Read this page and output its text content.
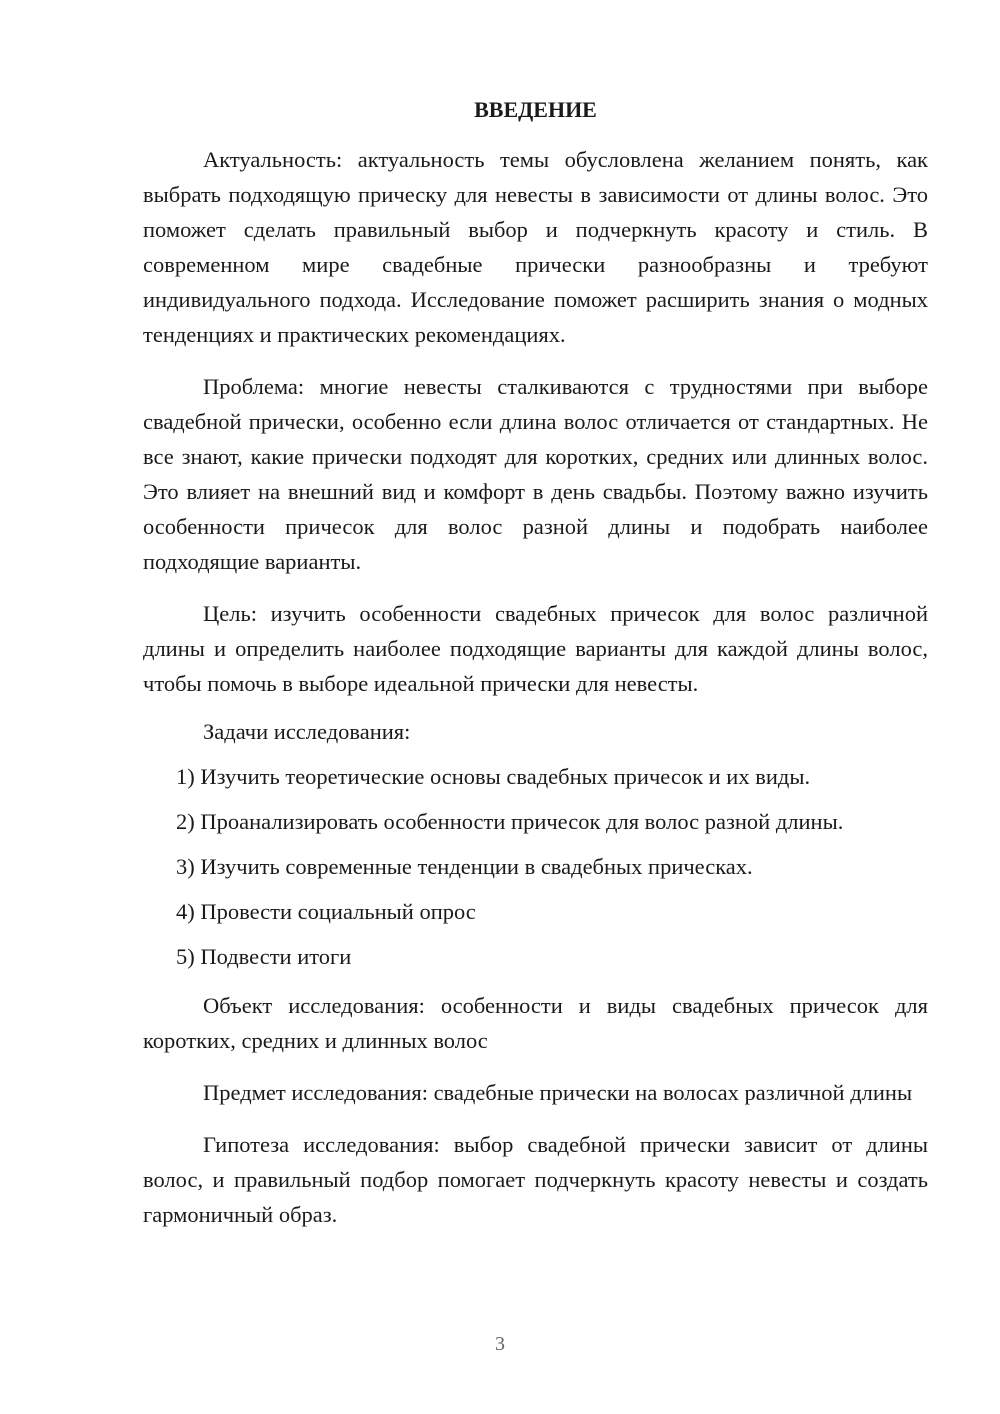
ВВЕДЕНИЕ

Актуальность: актуальность темы обусловлена желанием понять, как выбрать подходящую прическу для невесты в зависимости от длины волос. Это поможет сделать правильный выбор и подчеркнуть красоту и стиль. В современном мире свадебные прически разнообразны и требуют индивидуального подхода. Исследование поможет расширить знания о модных тенденциях и практических рекомендациях.

Проблема: многие невесты сталкиваются с трудностями при выборе свадебной прически, особенно если длина волос отличается от стандартных. Не все знают, какие прически подходят для коротких, средних или длинных волос. Это влияет на внешний вид и комфорт в день свадьбы. Поэтому важно изучить особенности причесок для волос разной длины и подобрать наиболее подходящие варианты.

Цель: изучить особенности свадебных причесок для волос различной длины и определить наиболее подходящие варианты для каждой длины волос, чтобы помочь в выборе идеальной прически для невесты.

Задачи исследования:

1) Изучить теоретические основы свадебных причесок и их виды.

2) Проанализировать особенности причесок для волос разной длины.

3) Изучить современные тенденции в свадебных прическах.

4) Провести социальный опрос

5) Подвести итоги

Объект исследования: особенности и виды свадебных причесок для коротких, средних и длинных волос

Предмет исследования: свадебные прически на волосах различной длины

Гипотеза исследования: выбор свадебной прически зависит от длины волос, и правильный подбор помогает подчеркнуть красоту невесты и создать гармоничный образ.

3
